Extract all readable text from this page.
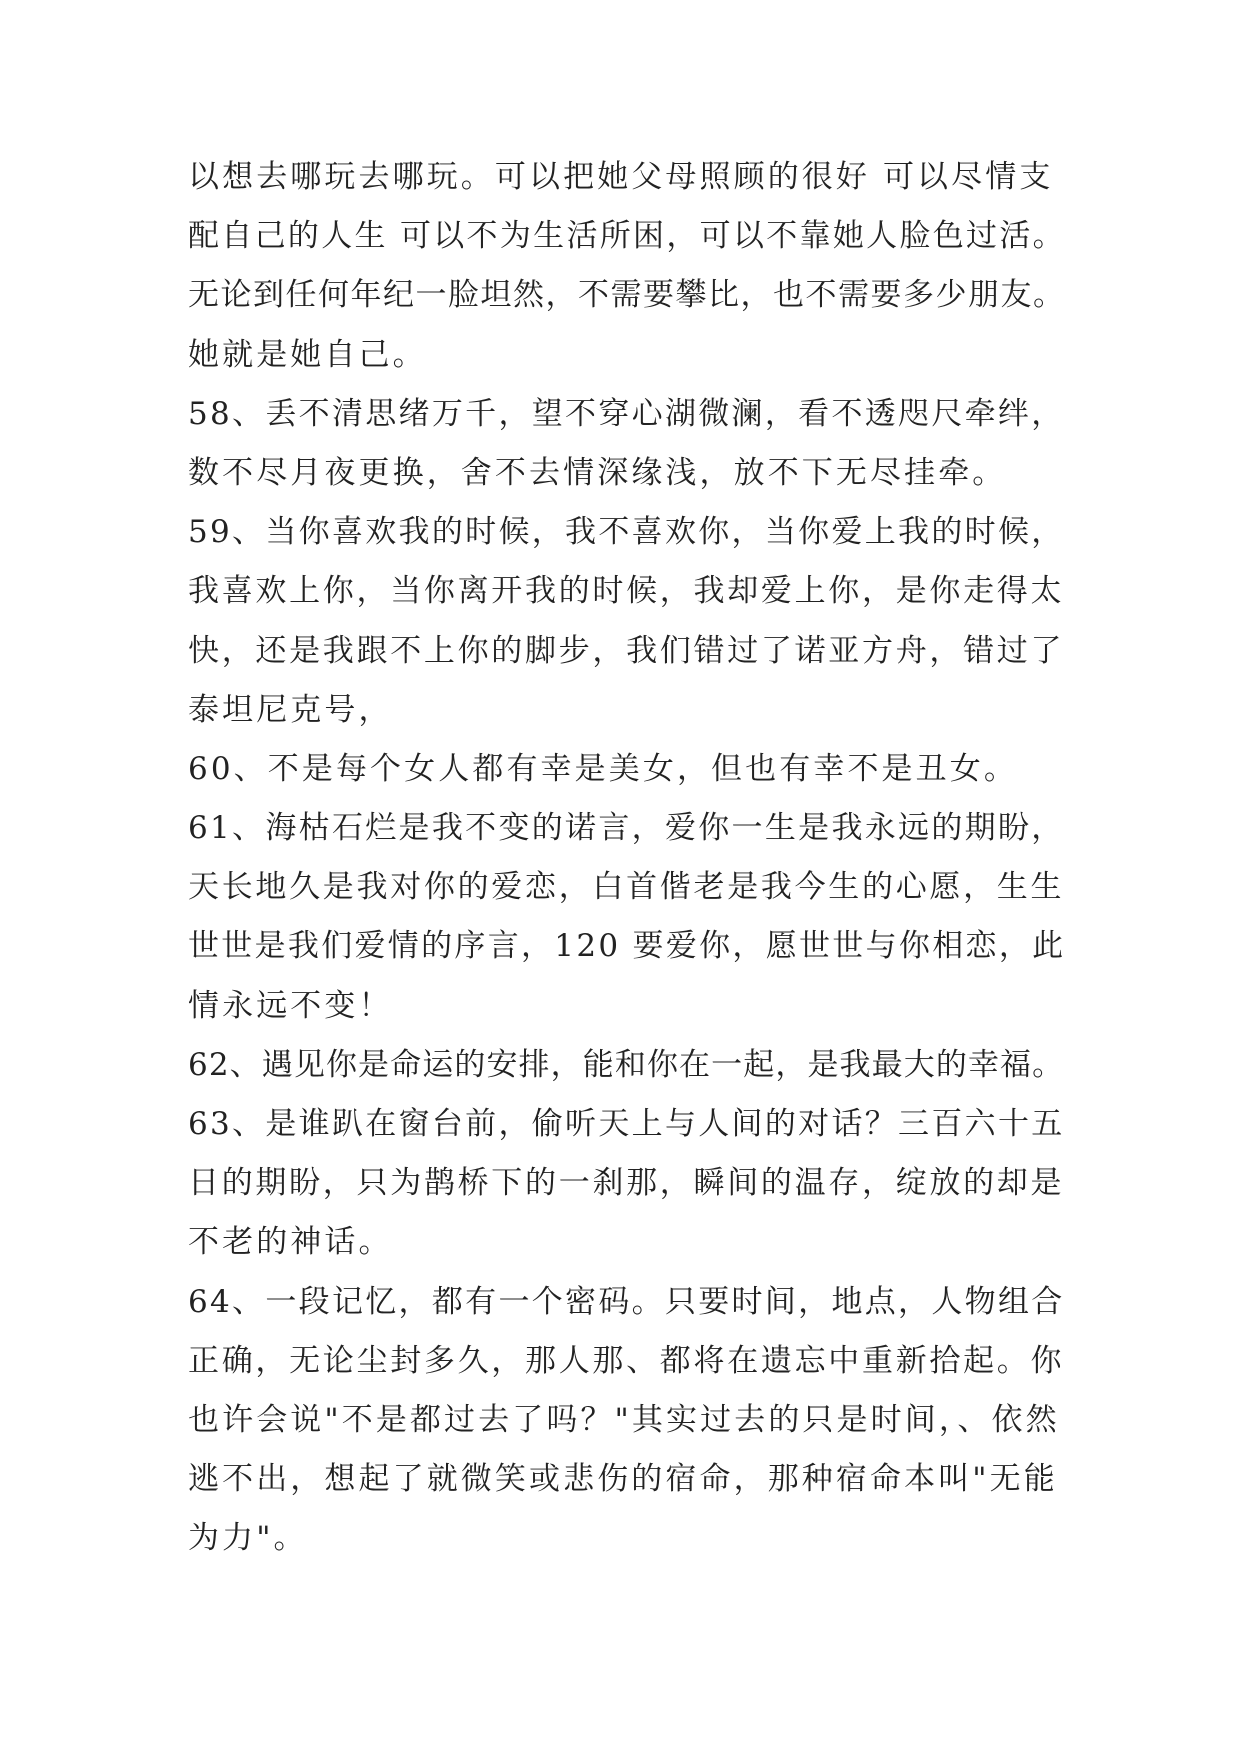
以想去哪玩去哪玩。可以把她父母照顾的很好 可以尽情支
配自己的人生 可以不为生活所困，可以不靠她人脸色过活。
无论到任何年纪一脸坦然，不需要攀比，也不需要多少朋友。
她就是她自己。
58、丢不清思绪万千，望不穿心湖微澜，看不透咫尺牵绊，
数不尽月夜更换，舍不去情深缘浅，放不下无尽挂牵。
59、当你喜欢我的时候，我不喜欢你，当你爱上我的时候，
我喜欢上你，当你离开我的时候，我却爱上你，是你走得太
快，还是我跟不上你的脚步，我们错过了诺亚方舟，错过了
泰坦尼克号，
60、不是每个女人都有幸是美女，但也有幸不是丑女。
61、海枯石烂是我不变的诺言，爱你一生是我永远的期盼，
天长地久是我对你的爱恋，白首偕老是我今生的心愿，生生
世世是我们爱情的序言，120 要爱你，愿世世与你相恋，此
情永远不变！
62、遇见你是命运的安排，能和你在一起，是我最大的幸福。
63、是谁趴在窗台前，偷听天上与人间的对话？三百六十五
日的期盼，只为鹊桥下的一刹那，瞬间的温存，绽放的却是
不老的神话。
64、一段记忆，都有一个密码。只要时间，地点，人物组合
正确，无论尘封多久，那人那、都将在遗忘中重新拾起。你
也许会说"不是都过去了吗？"其实过去的只是时间，、依然
逃不出，想起了就微笑或悲伤的宿命，那种宿命本叫"无能
为力"。
